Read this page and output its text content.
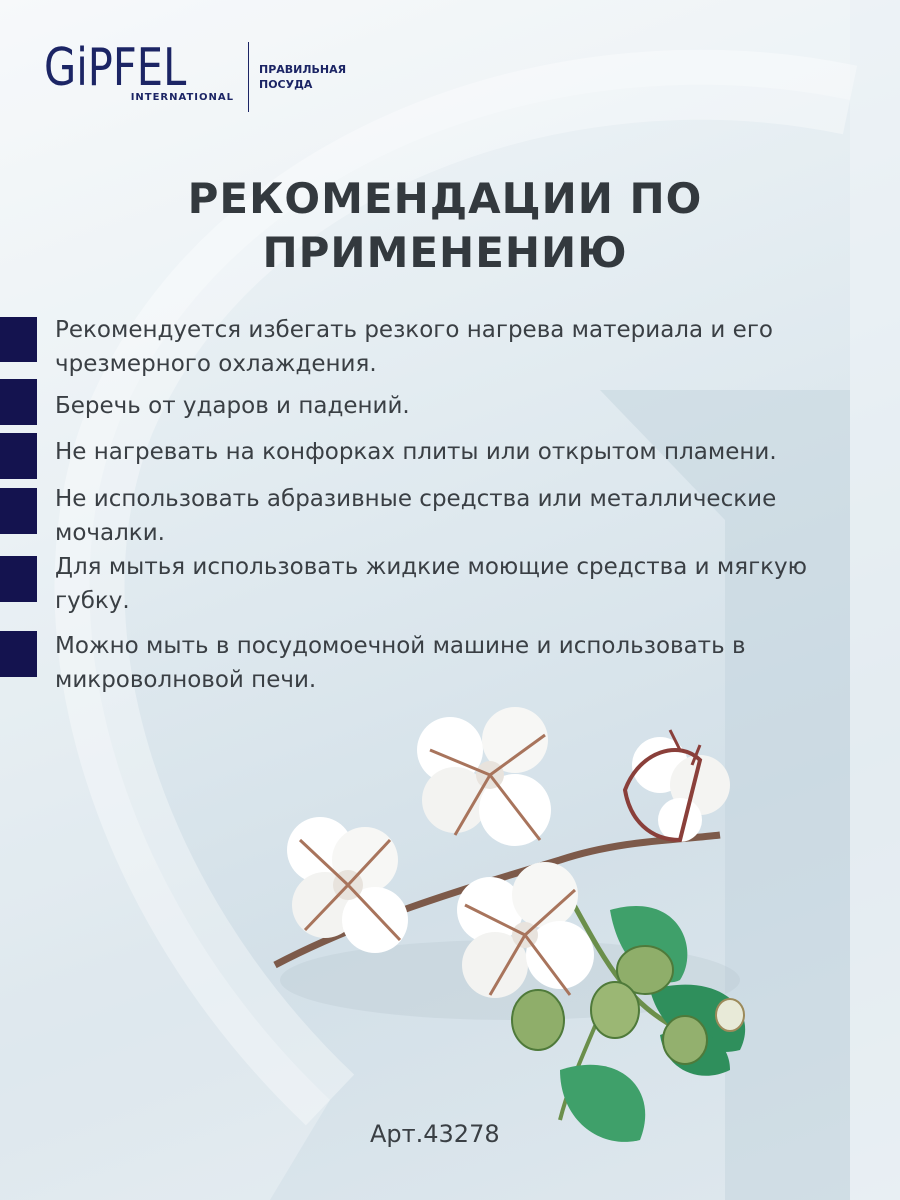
GiPFEL
INTERNATIONAL
ПРАВИЛЬНАЯ
ПОСУДА
РЕКОМЕНДАЦИИ ПО
ПРИМЕНЕНИЮ
Рекомендуется избегать резкого нагрева материала и его чрезмерного охлаждения.
Беречь от ударов и падений.
Не нагревать на конфорках плиты или открытом пламени.
Не использовать абразивные средства или металлические мочалки.
Для мытья использовать жидкие моющие средства и мягкую губку.
Можно мыть в посудомоечной машине и использовать в микроволновой печи.
Арт.43278
